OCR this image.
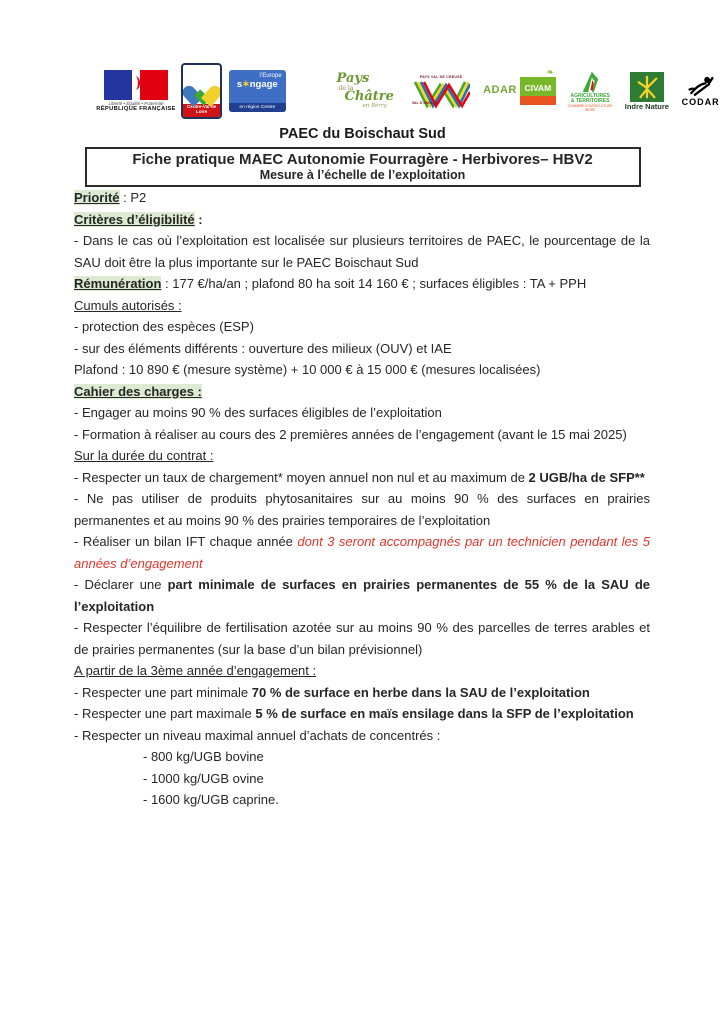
Liberté • Égalité • Fraternité
RÉPUBLIQUE FRANÇAISE	Centre-Val de Loire
l’Europe
s✶ngage
en région Centre
Pays
de la
Châtre
en Berry
PAYS VAL DE CREUSE
VAL D’ANGLIN
ADAR
❧
CIVAM
AGRICULTURES
& TERRITOIRES
CHAMBRE D’AGRICULTURE
INDRE	Indre Nature CODAR
PAEC du Boischaut Sud
Fiche pratique MAEC Autonomie Fourragère - Herbivores– HBV2
Mesure à l’échelle de l’exploitation

Priorité : P2

Critères d’éligibilité :

- Dans le cas où l’exploitation est localisée sur plusieurs territoires de PAEC, le pourcentage de la SAU doit être la plus importante sur le PAEC Boischaut Sud

Rémunération : 177 €/ha/an ; plafond 80 ha soit 14 160 € ; surfaces éligibles : TA + PPH

Cumuls autorisés :

- protection des espèces (ESP)

- sur des éléments différents : ouverture des milieux (OUV) et IAE

Plafond : 10 890 € (mesure système) + 10 000 € à 15 000 € (mesures localisées)

Cahier des charges :

- Engager au moins 90 % des surfaces éligibles de l’exploitation

- Formation à réaliser au cours des 2 premières années de l’engagement (avant le 15 mai 2025)

Sur la durée du contrat :

- Respecter un taux de chargement* moyen annuel non nul et au maximum de 2 UGB/ha de SFP**

- Ne pas utiliser de produits phytosanitaires sur au moins 90 % des surfaces en prairies permanentes et au moins 90 % des prairies temporaires de l’exploitation

- Réaliser un bilan IFT chaque année dont 3 seront accompagnés par un technicien pendant les 5 années d’engagement

- Déclarer une part minimale de surfaces en prairies permanentes de 55 % de la SAU de l’exploitation

- Respecter l’équilibre de fertilisation azotée sur au moins 90 % des parcelles de terres arables et de prairies permanentes (sur la base d’un bilan prévisionnel)

A partir de la 3ème année d’engagement :

- Respecter une part minimale 70 % de surface en herbe dans la SAU de l’exploitation

- Respecter une part maximale 5 % de surface en maïs ensilage dans la SFP de l’exploitation

- Respecter un niveau maximal annuel d’achats de concentrés :

- 800 kg/UGB bovine

- 1000 kg/UGB ovine

- 1600 kg/UGB caprine.
